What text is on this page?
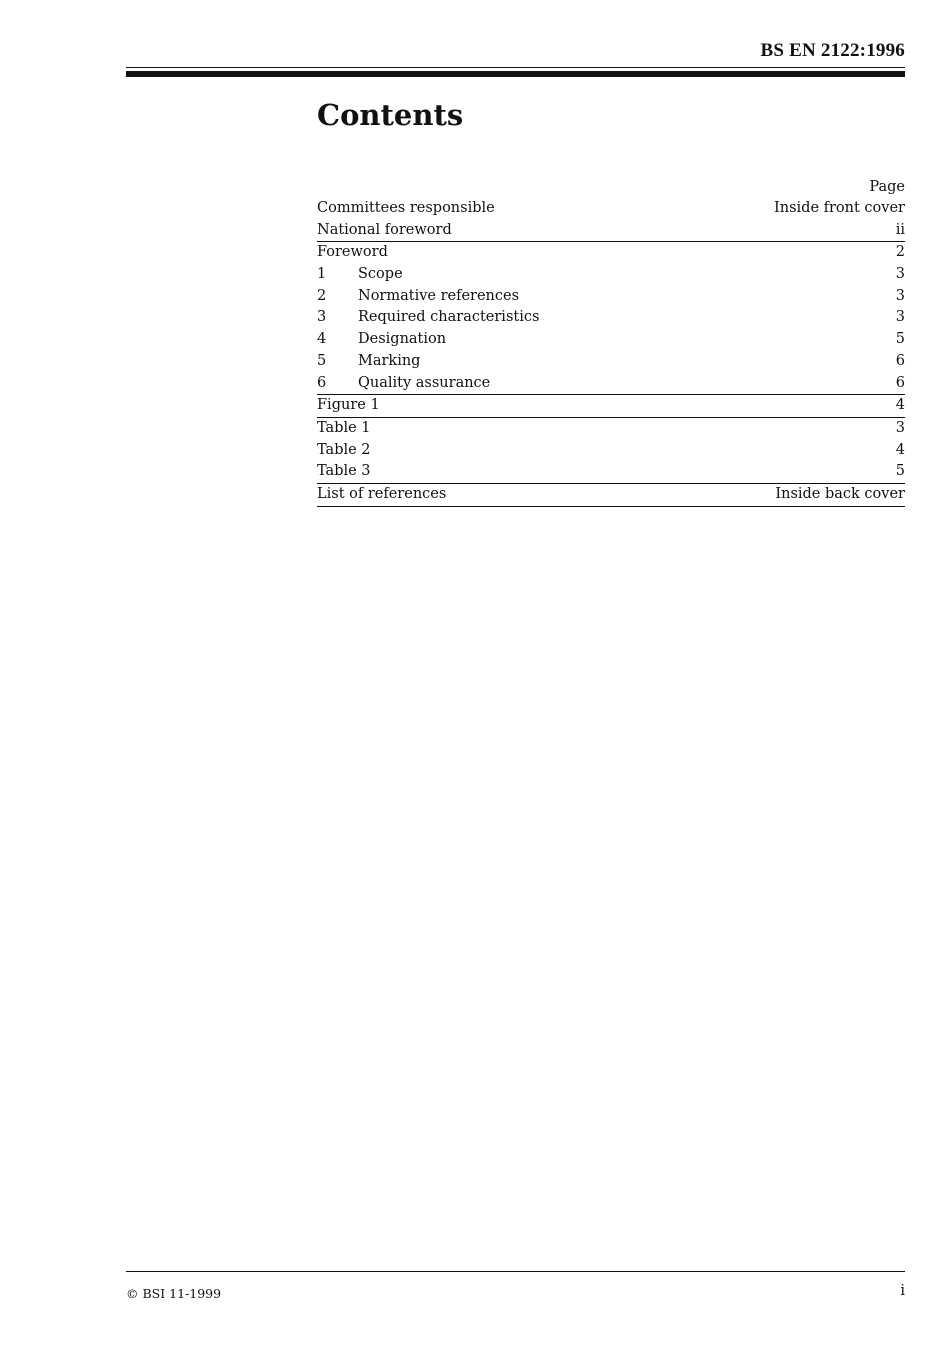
BS EN 2122:1996
Contents
Page
Committees responsible	Inside front cover
National foreword	ii
Foreword	2
1	Scope	3
2	Normative references	3
3	Required characteristics	3
4	Designation	5
5	Marking	6
6	Quality assurance	6
Figure 1	4
Table 1	3
Table 2	4
Table 3	5
List of references	Inside back cover
© BSI 11-1999	i
